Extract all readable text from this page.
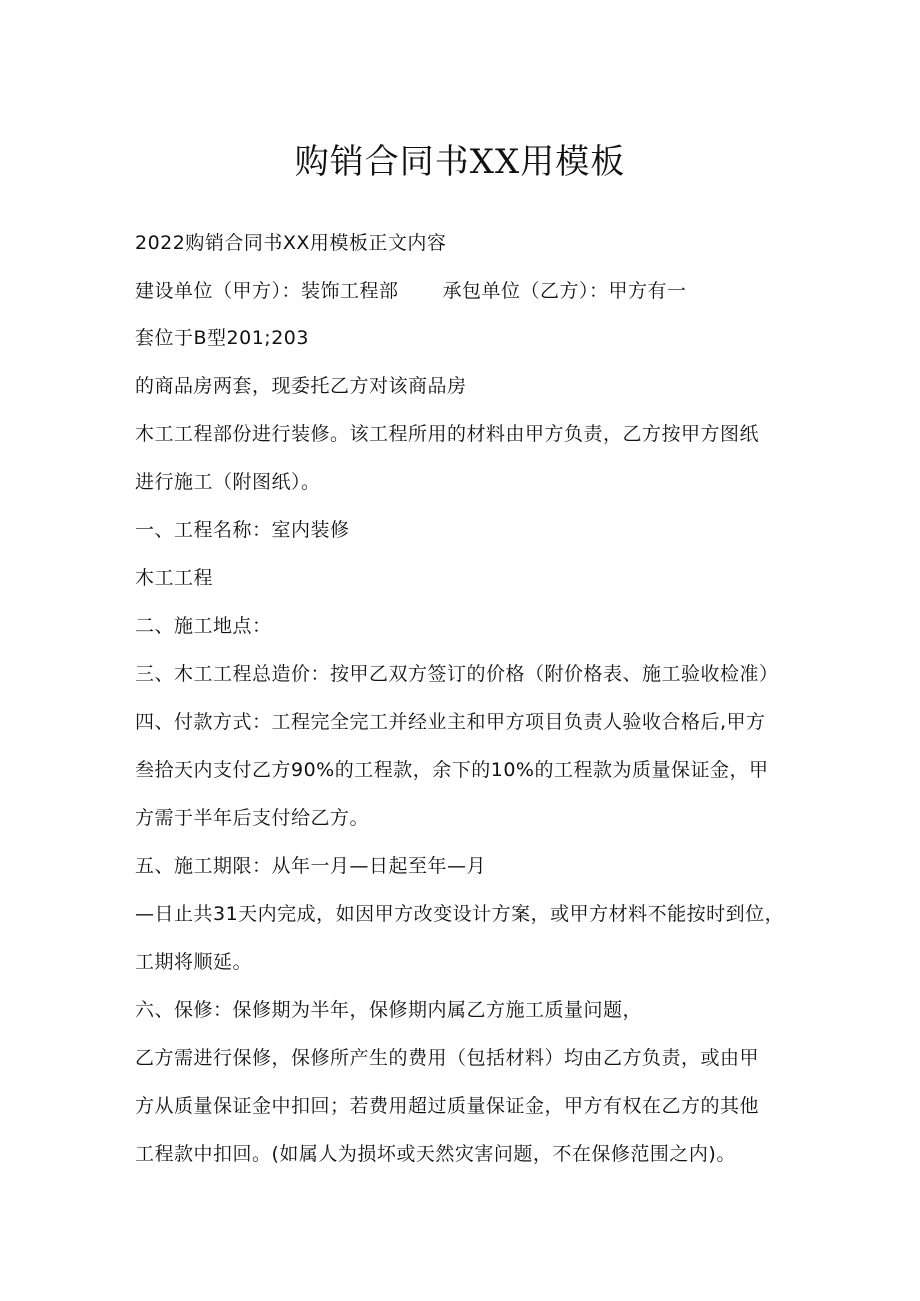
购销合同书XX用模板
2022购销合同书XX用模板正文内容
建设单位（甲方）：装饰工程部 承包单位（乙方）：甲方有一
套位于B型201;203
的商品房两套，现委托乙方对该商品房
木工工程部份进行装修。该工程所用的材料由甲方负责，乙方按甲方图纸
进行施工（附图纸）。
一、工程名称：室内装修
木工工程
二、施工地点：
三、木工工程总造价：按甲乙双方签订的价格（附价格表、施工验收检准）
四、付款方式：工程完全完工并经业主和甲方项目负责人验收合格后,甲方
叁拾天内支付乙方90%的工程款，余下的10%的工程款为质量保证金，甲
方需于半年后支付给乙方。
五、施工期限：从年一月—日起至年—月
—日止共31天内完成，如因甲方改变设计方案，或甲方材料不能按时到位，
工期将顺延。
六、保修：保修期为半年，保修期内属乙方施工质量问题，
乙方需进行保修，保修所产生的费用（包括材料）均由乙方负责，或由甲
方从质量保证金中扣回；若费用超过质量保证金，甲方有权在乙方的其他
工程款中扣回。(如属人为损坏或天然灾害问题，不在保修范围之内)。
